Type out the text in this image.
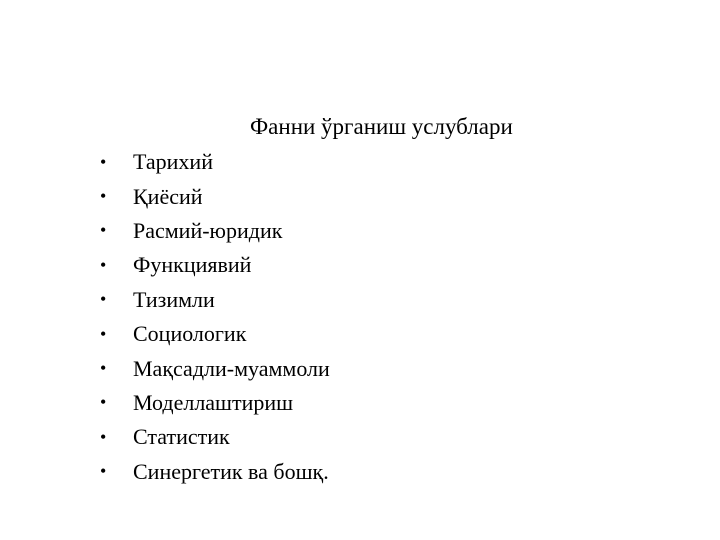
Фанни ўрганиш услублари
•	Тарихий
•	Қиёсий
•	Расмий-юридик
•	Функциявий
•	Тизимли
•	Социологик
•	Мақсадли-муаммоли
•	Моделлаштириш
•	Статистик
•	Синергетик ва бошқ.
